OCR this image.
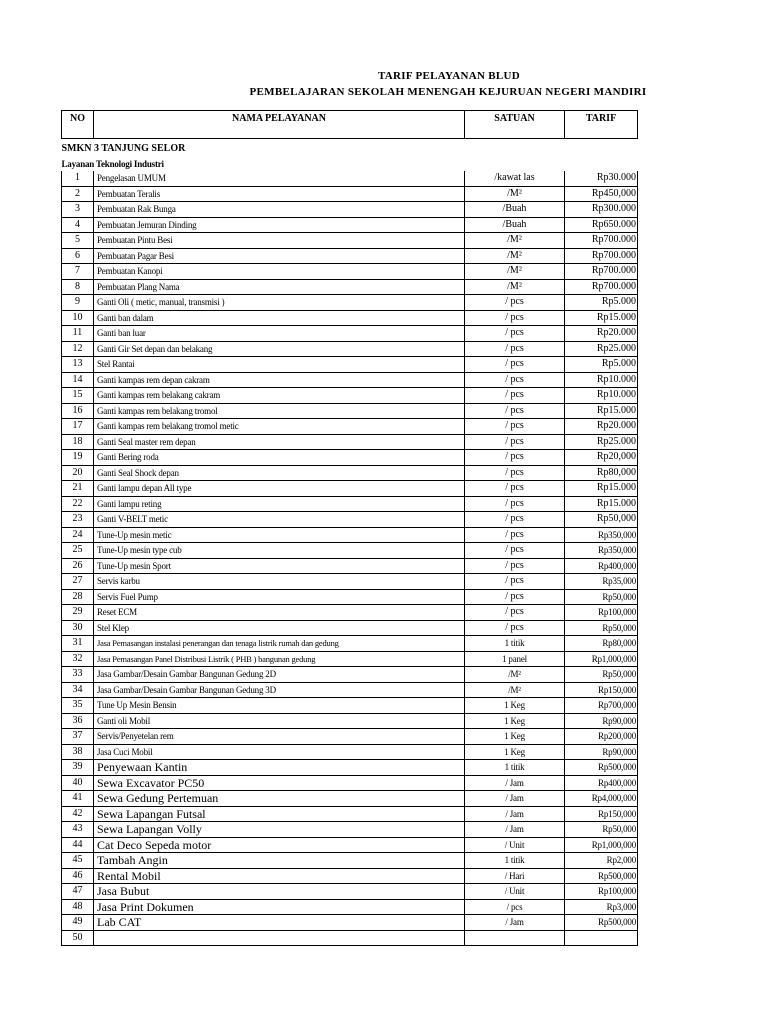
TARIF PELAYANAN BLUD
PEMBELAJARAN SEKOLAH MENENGAH KEJURUAN NEGERI MANDIRI
NO	NAMA PELAYANAN	SATUAN	TARIF

SMKN 3 TANJUNG SELOR			
Layanan Teknologi Industri			
1	Pengelasan UMUM	/kawat las	Rp30.000
2	Pembuatan Teralis	/M²	Rp450,000
3	Pembuatan Rak Bunga	/Buah	Rp300.000
4	Pembuatan Jemuran Dinding	/Buah	Rp650.000
5	Pembuatan Pintu Besi	/M²	Rp700.000
6	Pembuatan Pagar Besi	/M²	Rp700.000
7	Pembuatan Kanopi	/M²	Rp700.000
8	Pembuatan Plang Nama	/M²	Rp700.000
9	Ganti Oli ( metic, manual, transmisi )	/ pcs	Rp5.000
10	Ganti ban dalam	/ pcs	Rp15.000
11	Ganti ban luar	/ pcs	Rp20.000
12	Ganti Gir Set depan dan belakang	/ pcs	Rp25.000
13	Stel Rantai	/ pcs	Rp5.000
14	Ganti kampas rem depan cakram	/ pcs	Rp10.000
15	Ganti kampas rem belakang cakram	/ pcs	Rp10.000
16	Ganti kampas rem belakang tromol	/ pcs	Rp15.000
17	Ganti kampas rem belakang tromol metic	/ pcs	Rp20.000
18	Ganti Seal master rem depan	/ pcs	Rp25.000
19	Ganti Bering roda	/ pcs	Rp20,000
20	Ganti Seal Shock depan	/ pcs	Rp80,000
21	Ganti lampu depan All type	/ pcs	Rp15.000
22	Ganti lampu reting	/ pcs	Rp15.000
23	Ganti V-BELT metic	/ pcs	Rp50,000
24	Tune-Up mesin metic	/ pcs	Rp350,000
25	Tune-Up mesin type cub	/ pcs	Rp350,000
26	Tune-Up mesin Sport	/ pcs	Rp400,000
27	Servis karbu	/ pcs	Rp35,000
28	Servis Fuel Pump	/ pcs	Rp50,000
29	Reset ECM	/ pcs	Rp100,000
30	Stel Klep	/ pcs	Rp50,000
31	Jasa Pemasangan instalasi penerangan dan tenaga listrik rumah dan gedung	1 titik	Rp80,000
32	Jasa Pemasangan Panel Distribusi Listrik ( PHB ) bangunan gedung	1 panel	Rp1,000,000
33	Jasa Gambar/Desain Gambar Bangunan Gedung 2D	/M²	Rp50,000
34	Jasa Gambar/Desain Gambar Bangunan Gedung 3D	/M²	Rp150,000
35	Tune Up Mesin Bensin	1 Keg	Rp700,000
36	Ganti oli Mobil	1 Keg	Rp90,000
37	Servis/Penyetelan rem	1 Keg	Rp200,000
38	Jasa Cuci Mobil	1 Keg	Rp90,000
39	Penyewaan Kantin	1 titik	Rp500,000
40	Sewa Excavator PC50	/ Jam	Rp400,000
41	Sewa Gedung Pertemuan	/ Jam	Rp4,000,000
42	Sewa Lapangan Futsal	/ Jam	Rp150,000
43	Sewa Lapangan Volly	/ Jam	Rp50,000
44	Cat Deco Sepeda motor	/ Unit	Rp1,000,000
45	Tambah Angin	1 titik	Rp2,000
46	Rental Mobil	/ Hari	Rp500,000
47	Jasa Bubut	/ Unit	Rp100,000
48	Jasa Print Dokumen	/ pcs	Rp3,000
49	Lab CAT	/ Jam	Rp500,000
50			
